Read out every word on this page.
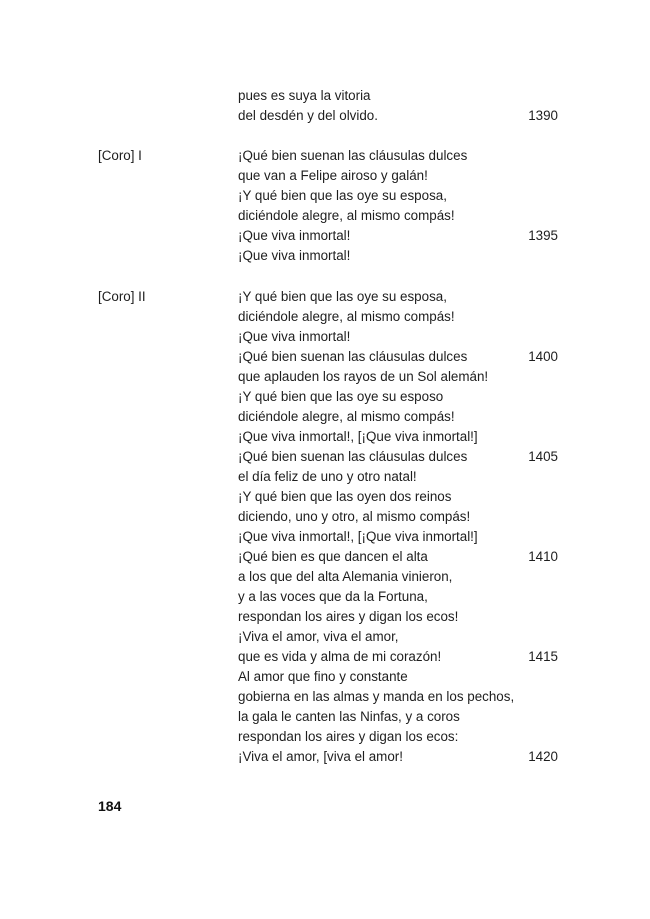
pues es suya la vitoria
del desdén y del olvido.	1390
[Coro] I	¡Qué bien suenan las cláusulas dulces
que van a Felipe airoso y galán!
¡Y qué bien que las oye su esposa,
diciéndole alegre, al mismo compás!
¡Que viva inmortal!	1395
¡Que viva inmortal!
[Coro] II	¡Y qué bien que las oye su esposa,
diciéndole alegre, al mismo compás!
¡Que viva inmortal!
¡Qué bien suenan las cláusulas dulces	1400
que aplauden los rayos de un Sol alemán!
¡Y qué bien que las oye su esposo
diciéndole alegre, al mismo compás!
¡Que viva inmortal!, [¡Que viva inmortal!]
¡Qué bien suenan las cláusulas dulces	1405
el día feliz de uno y otro natal!
¡Y qué bien que las oyen dos reinos
diciendo, uno y otro, al mismo compás!
¡Que viva inmortal!, [¡Que viva inmortal!]
¡Qué bien es que dancen el alta	1410
a los que del alta Alemania vinieron,
y a las voces que da la Fortuna,
respondan los aires y digan los ecos!
¡Viva el amor, viva el amor,
que es vida y alma de mi corazón!	1415
Al amor que fino y constante
gobierna en las almas y manda en los pechos,
la gala le canten las Ninfas, y a coros
respondan los aires y digan los ecos:
¡Viva el amor, [viva el amor!	1420
184
